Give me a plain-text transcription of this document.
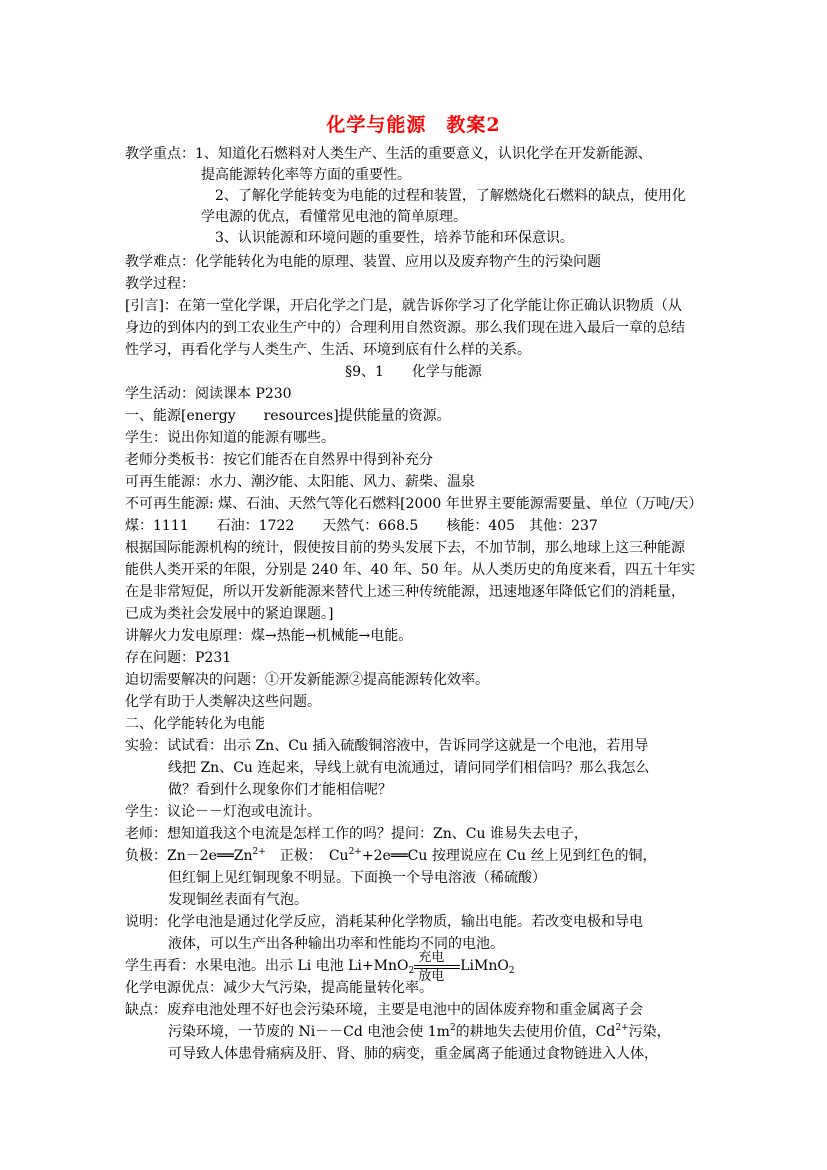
化学与能源　教案2
教学重点：1、知道化石燃料对人类生产、生活的重要意义，认识化学在开发新能源、
提高能源转化率等方面的重要性。
2、了解化学能转变为电能的过程和装置，了解燃烧化石燃料的缺点，使用化
学电源的优点，看懂常见电池的简单原理。
3、认识能源和环境问题的重要性，培养节能和环保意识。
教学难点：化学能转化为电能的原理、装置、应用以及废弃物产生的污染问题
教学过程：
[引言]：在第一堂化学课，开启化学之门是，就告诉你学习了化学能让你正确认识物质（从
身边的到体内的到工农业生产中的）合理利用自然资源。那么我们现在进入最后一章的总结
性学习，再看化学与人类生产、生活、环境到底有什么样的关系。
§9、1　　化学与能源
学生活动：阅读课本 P230
一、能源[energy　　resources]提供能量的资源。
学生：说出你知道的能源有哪些。
老师分类板书：按它们能否在自然界中得到补充分
可再生能源：水力、潮汐能、太阳能、风力、薪柴、温泉
不可再生能源: 煤、石油、天然气等化石燃料[2000 年世界主要能源需要量、单位（万吨/天）
煤：1111　　石油：1722　　天然气：668.5　　核能：405　其他：237
根据国际能源机构的统计，假使按目前的势头发展下去，不加节制，那么地球上这三种能源
能供人类开采的年限，分别是 240 年、40 年、50 年。从人类历史的角度来看，四五十年实
在是非常短促，所以开发新能源来替代上述三种传统能源，迅速地逐年降低它们的消耗量，
已成为类社会发展中的紧迫课题。]
讲解火力发电原理：煤→热能→机械能→电能。
存在问题：P231
迫切需要解决的问题：①开发新能源②提高能源转化效率。
化学有助于人类解决这些问题。
二、化学能转化为电能
实验：试试看：出示 Zn、Cu 插入硫酸铜溶液中，告诉同学这就是一个电池，若用导
线把 Zn、Cu 连起来，导线上就有电流通过，请问同学们相信吗？那么我怎么
做？看到什么现象你们才能相信呢？
学生：议论－－灯泡或电流计。
老师：想知道我这个电流是怎样工作的吗？提问：Zn、Cu 谁易失去电子，
负极：$Zn-2e══Zn^{2+}$　正极：　$Cu^{2+}+2e══Cu$ 按理说应在 Cu 丝上见到红色的铜，
但红铜上见红铜现象不明显。下面换一个导电溶液（稀硫酸）
发现铜丝表面有气泡。
说明：化学电池是通过化学反应，消耗某种化学物质，输出电能。若改变电极和导电
液体，可以生产出各种输出功率和性能均不同的电池。
学生再看：水果电池。出示 Li 电池 Li+MnO$_2$
充电
放电
LiMnO$_2$
化学电源优点：减少大气污染，提高能量转化率。
缺点：废弃电池处理不好也会污染环境，主要是电池中的固体废弃物和重金属离子会
污染环境，一节废的 Ni－－Cd 电池会使 $1m^2$的耕地失去使用价值，$Cd^{2+}$污染，
可导致人体患骨痛病及肝、肾、肺的病变，重金属离子能通过食物链进入人体，
